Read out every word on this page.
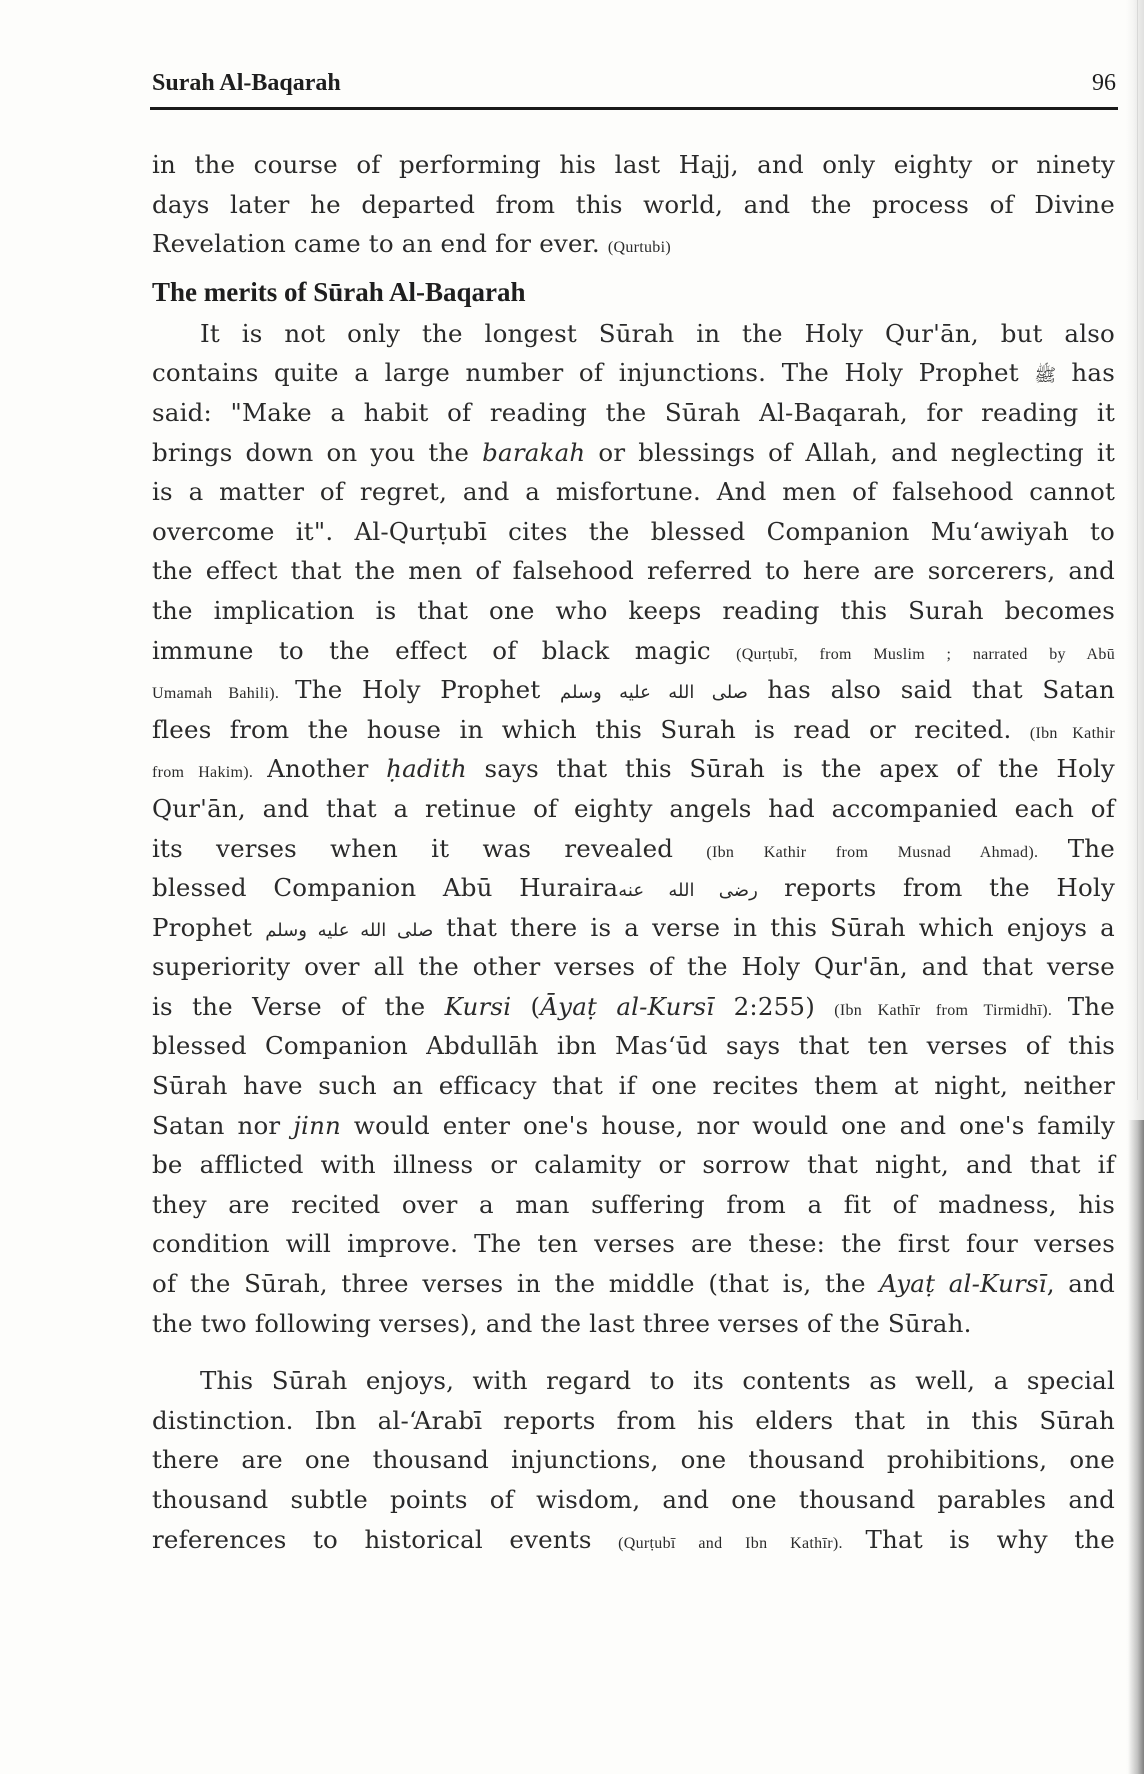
Surah Al-Baqarah	96
in the course of performing his last Hajj, and only eighty or ninety
days later he departed from this world, and the process of Divine
Revelation came to an end for ever. (Qurtubi)
The merits of Sūrah Al-Baqarah
It is not only the longest Sūrah in the Holy Qur'ān, but also
contains quite a large number of injunctions. The Holy Prophet ﷺ has
said: "Make a habit of reading the Sūrah Al-Baqarah, for reading it
brings down on you the barakah or blessings of Allah, and neglecting it
is a matter of regret, and a misfortune. And men of falsehood cannot
overcome it". Al-Qurṭubī cites the blessed Companion Mu‘awiyah to
the effect that the men of falsehood referred to here are sorcerers, and
the implication is that one who keeps reading this Surah becomes
immune to the effect of black magic (Qurṭubī, from Muslim ; narrated by Abū
Umamah Bahili). The Holy Prophet صلى الله عليه وسلم has also said that Satan
flees from the house in which this Surah is read or recited. (Ibn Kathir
from Hakim). Another ḥadith says that this Sūrah is the apex of the Holy
Qur'ān, and that a retinue of eighty angels had accompanied each of
its verses when it was revealed (Ibn Kathir from Musnad Ahmad). The
blessed Companion Abū Hurairaرضى الله عنه reports from the Holy
Prophet صلى الله عليه وسلم that there is a verse in this Sūrah which enjoys a
superiority over all the other verses of the Holy Qur'ān, and that verse
is the Verse of the Kursi (Āyaṭ al-Kursī 2:255) (Ibn Kathīr from Tirmidhī). The
blessed Companion Abdullāh ibn Mas‘ūd says that ten verses of this
Sūrah have such an efficacy that if one recites them at night, neither
Satan nor jinn would enter one's house, nor would one and one's family
be afflicted with illness or calamity or sorrow that night, and that if
they are recited over a man suffering from a fit of madness, his
condition will improve. The ten verses are these: the first four verses
of the Sūrah, three verses in the middle (that is, the Ayaṭ al-Kursī, and
the two following verses), and the last three verses of the Sūrah.
This Sūrah enjoys, with regard to its contents as well, a special
distinction. Ibn al-‘Arabī reports from his elders that in this Sūrah
there are one thousand injunctions, one thousand prohibitions, one
thousand subtle points of wisdom, and one thousand parables and
references to historical events (Qurṭubī and Ibn Kathīr). That is why the
